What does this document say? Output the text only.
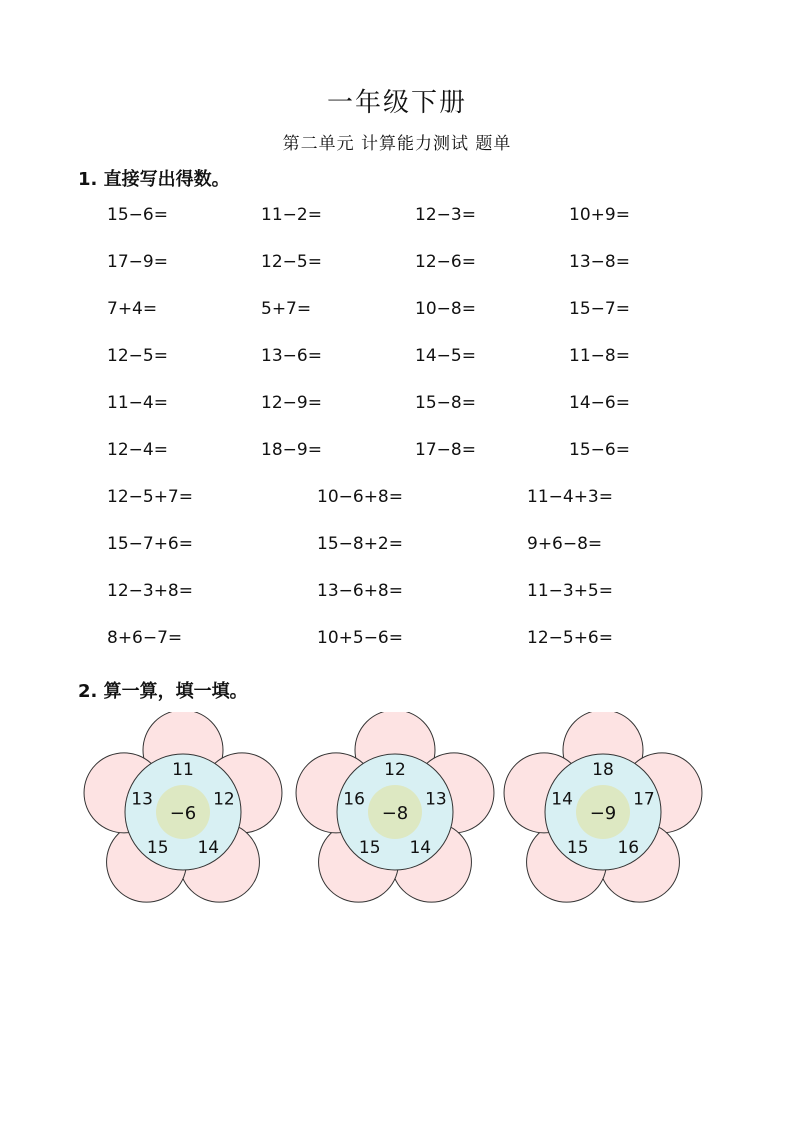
一年级下册
第二单元 计算能力测试 题单
1. 直接写出得数。
15−6=	11−2=	12−3=	10+9=
17−9=	12−5=	12−6=	13−8=
7+4=	5+7=	10−8=	15−7=
12−5=	13−6=	14−5=	11−8=
11−4=	12−9=	15−8=	14−6=
12−4=	18−9=	17−8=	15−6=
12−5+7=	10−6+8=	11−4+3=
15−7+6=	15−8+2=	9+6−8=
12−3+8=	13−6+8=	11−3+5=
8+6−7=	10+5−6=	12−5+6=
2. 算一算，填一填。
−6
11
12
14
15
13
−8
12
13
14
15
16
−9
18
17
16
15
14
